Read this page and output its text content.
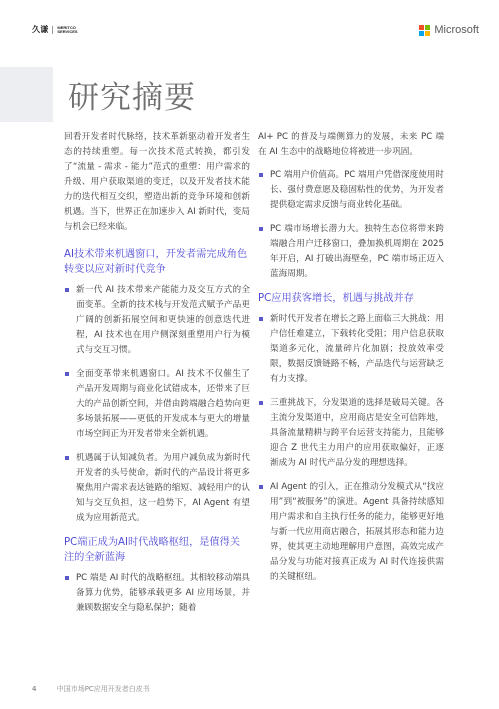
久谦 MERITCO SERVICES	Microsoft
研究摘要

回看开发者时代脉络，技术革新驱动着开发者生态的持续重塑。每一次技术范式转换，都引发了“流量 - 需求 - 能力”范式的重塑：用户需求的升级、用户获取渠道的变迁，以及开发者技术能力的迭代相互交织，塑造出新的竞争环境和创新机遇。当下，世界正在加速步入 AI 新时代，变局与机会已经来临。

AI技术带来机遇窗口，开发者需完成角色转变以应对新时代竞争

新一代 AI 技术带来产能能力及交互方式的全面变革。全新的技术栈与开发范式赋予产品更广阔的创新拓展空间和更快速的创意迭代进程，AI 技术也在用户侧深刻重塑用户行为模式与交互习惯。

全面变革带来机遇窗口。AI 技术不仅催生了产品开发周期与商业化试错成本，还带来了巨大的产品创新空间，并借由跨端融合趋势向更多场景拓展——更低的开发成本与更大的增量市场空间正为开发者带来全新机遇。

机遇属于认知减负者。为用户减负成为新时代开发者的头号使命，新时代的产品设计将更多聚焦用户需求表达链路的缩短、减轻用户的认知与交互负担，这一趋势下，AI Agent 有望成为应用新范式。

PC端正成为AI时代战略枢纽，是值得关注的全新蓝海

PC 端是 AI 时代的战略枢纽。其相较移动端具备算力优势，能够承载更多 AI 应用场景，并兼顾数据安全与隐私保护；随着

AI+ PC 的普及与端侧算力的发展，未来 PC 端在 AI 生态中的战略地位将被进一步巩固。

PC 端用户价值高。PC 端用户凭借深度使用时长、强付费意愿及稳固粘性的优势，为开发者提供稳定需求反馈与商业转化基础。

PC 端市场增长潜力大。独特生态位将带来跨端融合用户迁移窗口，叠加换机周期在 2025 年开启，AI 打破出海壁垒，PC 端市场正迈入蓝海周期。

PC应用获客增长，机遇与挑战并存

新时代开发者在增长之路上面临三大挑战：用户信任难建立，下载转化受阻；用户信息获取渠道多元化，流量碎片化加剧；投放效率受限，数据反馈链路不畅，产品迭代与运营缺乏有力支撑。

三重挑战下，分发渠道的选择是破局关键。各主流分发渠道中，应用商店是安全可信阵地，具备流量精耕与跨平台运营支持能力，且能够迎合 Z 世代主力用户的应用获取偏好，正逐渐成为 AI 时代产品分发的理想选择。

AI Agent 的引入，正在推动分发模式从“找应用”到“被服务”的演进。Agent 具备持续感知用户需求和自主执行任务的能力，能够更好地与新一代应用商店融合，拓展其形态和能力边界，使其更主动地理解用户意图，高效完成产品分发与功能对接真正成为 AI 时代连接供需的关键枢纽。

4	中国市场PC应用开发者白皮书
